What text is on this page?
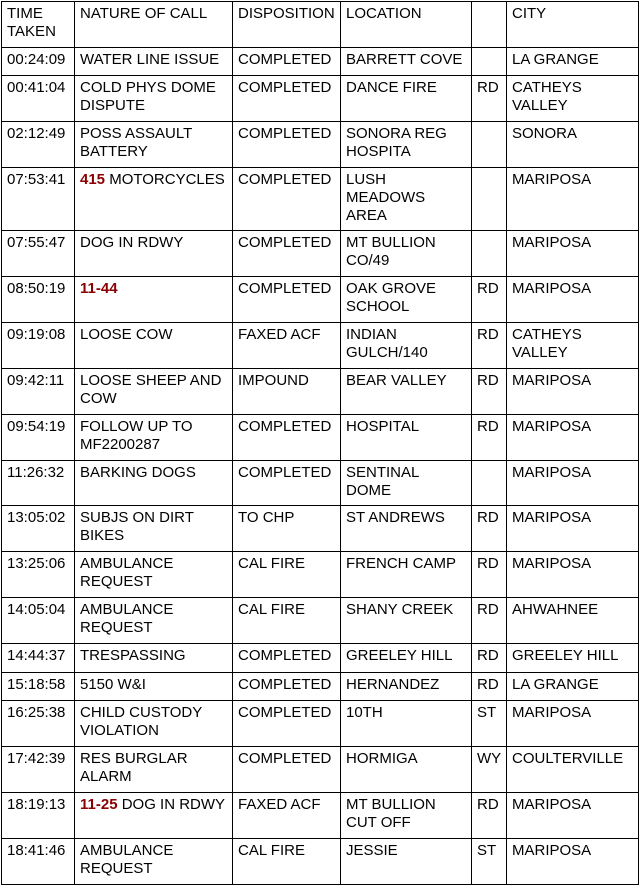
TIME TAKEN	NATURE OF CALL	DISPOSITION	LOCATION		CITY
00:24:09	WATER LINE ISSUE	COMPLETED	BARRETT COVE		LA GRANGE
00:41:04	COLD PHYS DOME DISPUTE	COMPLETED	DANCE FIRE	RD	CATHEYS VALLEY
02:12:49	POSS ASSAULT BATTERY	COMPLETED	SONORA REG HOSPITA		SONORA
07:53:41	415 MOTORCYCLES	COMPLETED	LUSH MEADOWS AREA		MARIPOSA
07:55:47	DOG IN RDWY	COMPLETED	MT BULLION CO/49		MARIPOSA
08:50:19	11-44	COMPLETED	OAK GROVE SCHOOL	RD	MARIPOSA
09:19:08	LOOSE COW	FAXED ACF	INDIAN GULCH/140	RD	CATHEYS VALLEY
09:42:11	LOOSE SHEEP AND COW	IMPOUND	BEAR VALLEY	RD	MARIPOSA
09:54:19	FOLLOW UP TO MF2200287	COMPLETED	HOSPITAL	RD	MARIPOSA
11:26:32	BARKING DOGS	COMPLETED	SENTINAL DOME		MARIPOSA
13:05:02	SUBJS ON DIRT BIKES	TO CHP	ST ANDREWS	RD	MARIPOSA
13:25:06	AMBULANCE REQUEST	CAL FIRE	FRENCH CAMP	RD	MARIPOSA
14:05:04	AMBULANCE REQUEST	CAL FIRE	SHANY CREEK	RD	AHWAHNEE
14:44:37	TRESPASSING	COMPLETED	GREELEY HILL	RD	GREELEY HILL
15:18:58	5150 W&I	COMPLETED	HERNANDEZ	RD	LA GRANGE
16:25:38	CHILD CUSTODY VIOLATION	COMPLETED	10TH	ST	MARIPOSA
17:42:39	RES BURGLAR ALARM	COMPLETED	HORMIGA	WY	COULTERVILLE
18:19:13	11-25 DOG IN RDWY	FAXED ACF	MT BULLION CUT OFF	RD	MARIPOSA
18:41:46	AMBULANCE REQUEST	CAL FIRE	JESSIE	ST	MARIPOSA
